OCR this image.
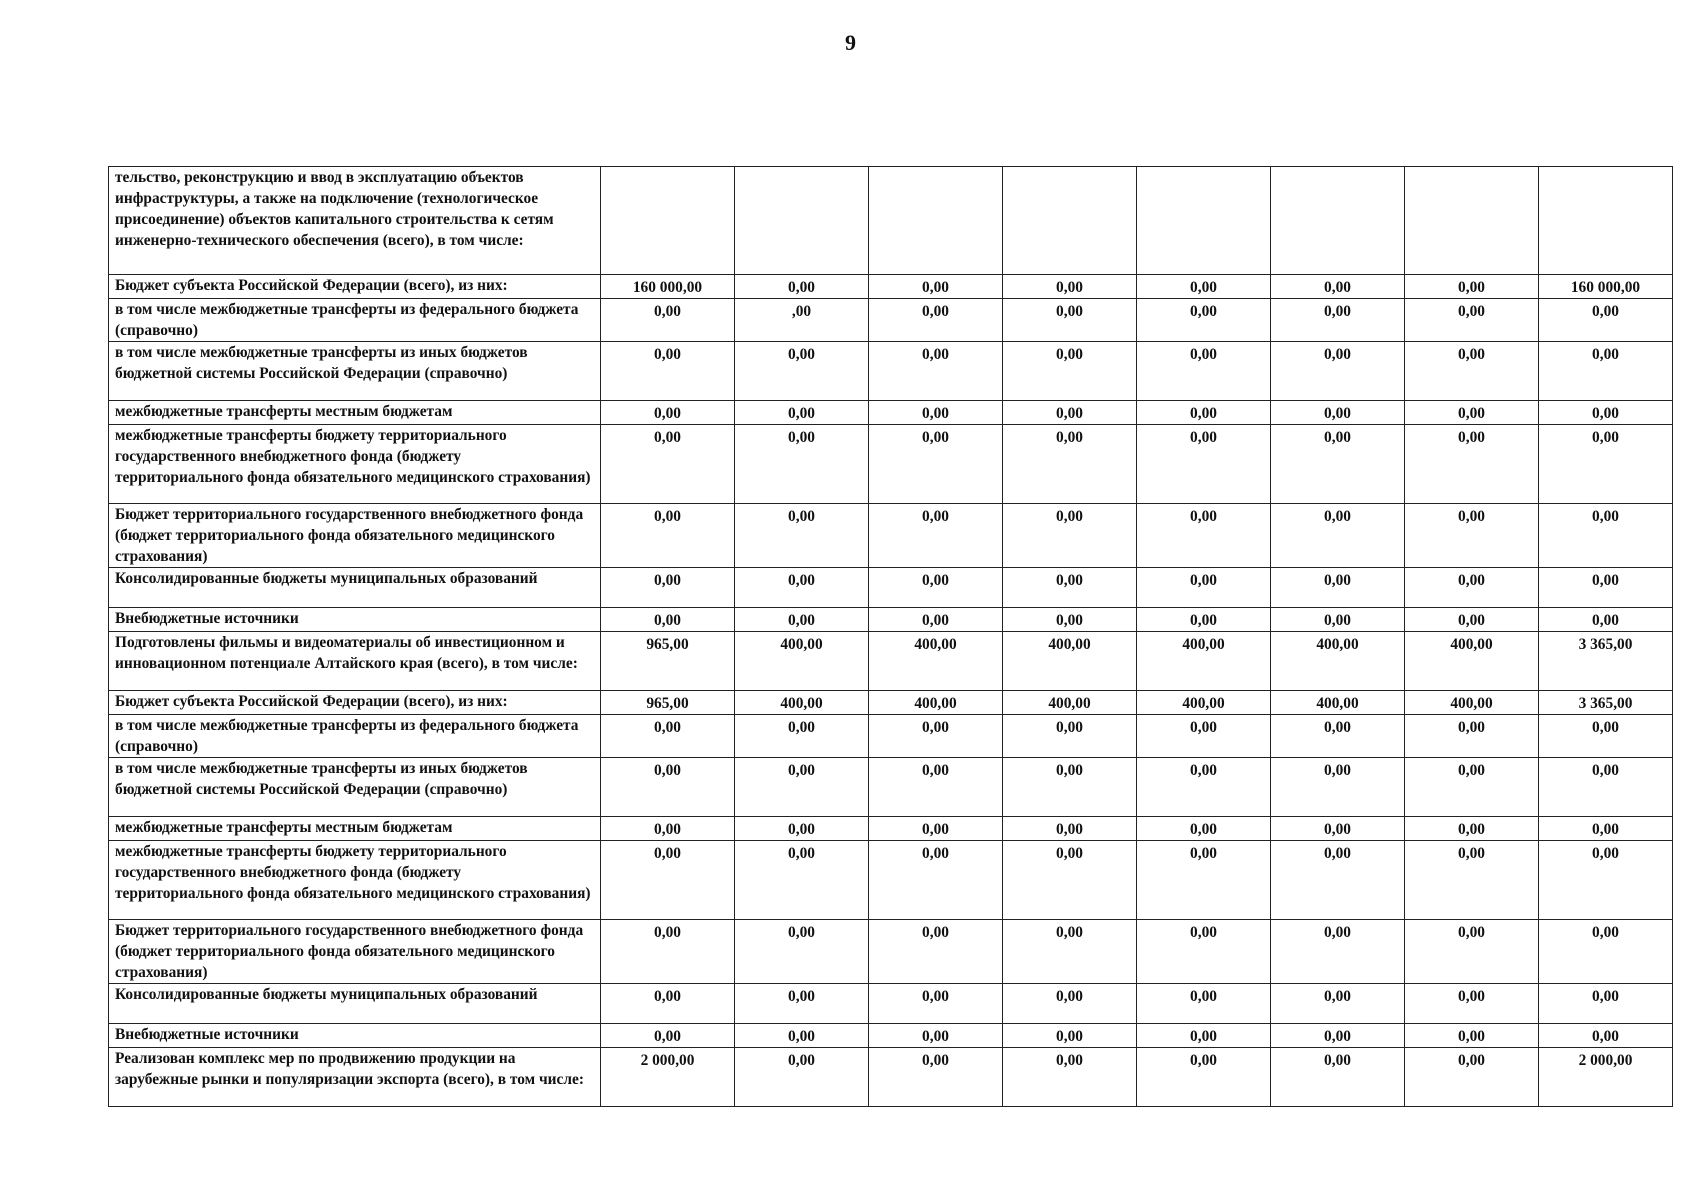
9
тельство, реконструкцию и ввод в эксплуатацию объектов инфраструктуры, а также на подключение (технологическое присоединение) объектов капитального строительства к сетям инженерно-технического обеспечения (всего), в том числе:								
Бюджет субъекта Российской Федерации (всего), из них:	160 000,00	0,00	0,00	0,00	0,00	0,00	0,00	160 000,00
в том числе межбюджетные трансферты из федерального бюджета (справочно)	0,00	,00	0,00	0,00	0,00	0,00	0,00	0,00
в том числе межбюджетные трансферты из иных бюджетов бюджетной системы Российской Федерации (справочно)	0,00	0,00	0,00	0,00	0,00	0,00	0,00	0,00
межбюджетные трансферты местным бюджетам	0,00	0,00	0,00	0,00	0,00	0,00	0,00	0,00
межбюджетные трансферты бюджету территориального государственного внебюджетного фонда (бюджету территориального фонда обязательного медицинского страхования)	0,00	0,00	0,00	0,00	0,00	0,00	0,00	0,00
Бюджет территориального государственного внебюджетного фонда (бюджет территориального фонда обязательного медицинского страхования)	0,00	0,00	0,00	0,00	0,00	0,00	0,00	0,00
Консолидированные бюджеты муниципальных образований	0,00	0,00	0,00	0,00	0,00	0,00	0,00	0,00
Внебюджетные источники	0,00	0,00	0,00	0,00	0,00	0,00	0,00	0,00
Подготовлены фильмы и видеоматериалы об инвестиционном и инновационном потенциале Алтайского края (всего), в том числе:	965,00	400,00	400,00	400,00	400,00	400,00	400,00	3 365,00
Бюджет субъекта Российской Федерации (всего), из них:	965,00	400,00	400,00	400,00	400,00	400,00	400,00	3 365,00
в том числе межбюджетные трансферты из федерального бюджета (справочно)	0,00	0,00	0,00	0,00	0,00	0,00	0,00	0,00
в том числе межбюджетные трансферты из иных бюджетов бюджетной системы Российской Федерации (справочно)	0,00	0,00	0,00	0,00	0,00	0,00	0,00	0,00
межбюджетные трансферты местным бюджетам	0,00	0,00	0,00	0,00	0,00	0,00	0,00	0,00
межбюджетные трансферты бюджету территориального государственного внебюджетного фонда (бюджету территориального фонда обязательного медицинского страхования)	0,00	0,00	0,00	0,00	0,00	0,00	0,00	0,00
Бюджет территориального государственного внебюджетного фонда (бюджет территориального фонда обязательного медицинского страхования)	0,00	0,00	0,00	0,00	0,00	0,00	0,00	0,00
Консолидированные бюджеты муниципальных образований	0,00	0,00	0,00	0,00	0,00	0,00	0,00	0,00
Внебюджетные источники	0,00	0,00	0,00	0,00	0,00	0,00	0,00	0,00
Реализован комплекс мер по продвижению продукции на зарубежные рынки и популяризации экспорта (всего), в том числе:	2 000,00	0,00	0,00	0,00	0,00	0,00	0,00	2 000,00
